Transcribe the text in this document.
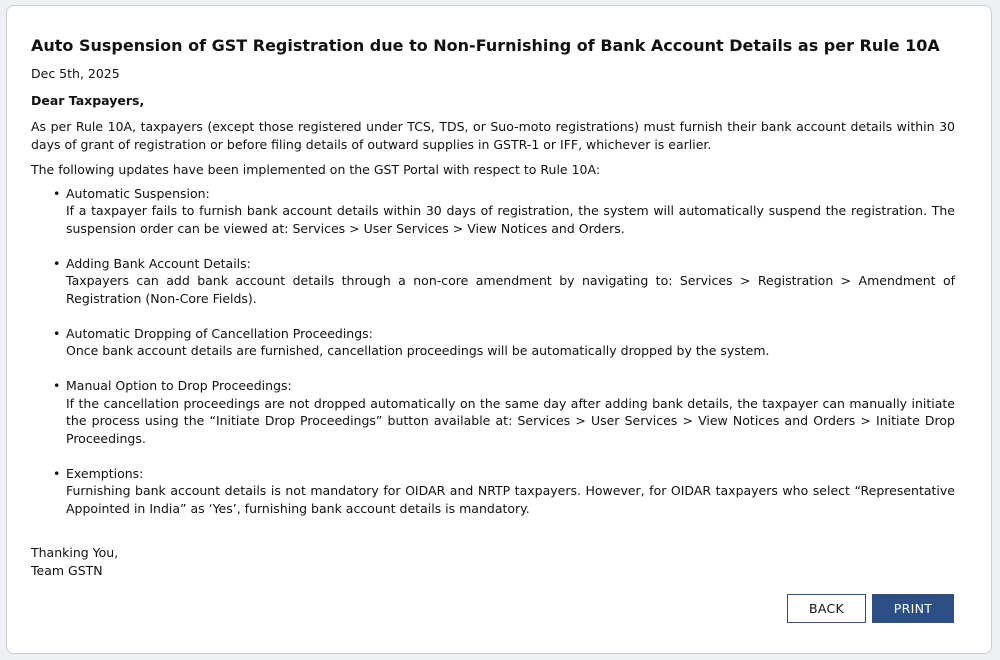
Auto Suspension of GST Registration due to Non-Furnishing of Bank Account Details as per Rule 10A
Dec 5th, 2025
Dear Taxpayers,
As per Rule 10A, taxpayers (except those registered under TCS, TDS, or Suo-moto registrations) must furnish their bank account details within 30 days of grant of registration or before filing details of outward supplies in GSTR-1 or IFF, whichever is earlier.
The following updates have been implemented on the GST Portal with respect to Rule 10A:
• Automatic Suspension:
If a taxpayer fails to furnish bank account details within 30 days of registration, the system will automatically suspend the registration. The suspension order can be viewed at: Services > User Services > View Notices and Orders.
• Adding Bank Account Details:
Taxpayers can add bank account details through a non-core amendment by navigating to: Services > Registration > Amendment of Registration (Non-Core Fields).
• Automatic Dropping of Cancellation Proceedings:
Once bank account details are furnished, cancellation proceedings will be automatically dropped by the system.
• Manual Option to Drop Proceedings:
If the cancellation proceedings are not dropped automatically on the same day after adding bank details, the taxpayer can manually initiate the process using the “Initiate Drop Proceedings” button available at: Services > User Services > View Notices and Orders > Initiate Drop Proceedings.
• Exemptions:
Furnishing bank account details is not mandatory for OIDAR and NRTP taxpayers. However, for OIDAR taxpayers who select “Representative Appointed in India” as ‘Yes’, furnishing bank account details is mandatory.
Thanking You,
Team GSTN
BACK	PRINT
